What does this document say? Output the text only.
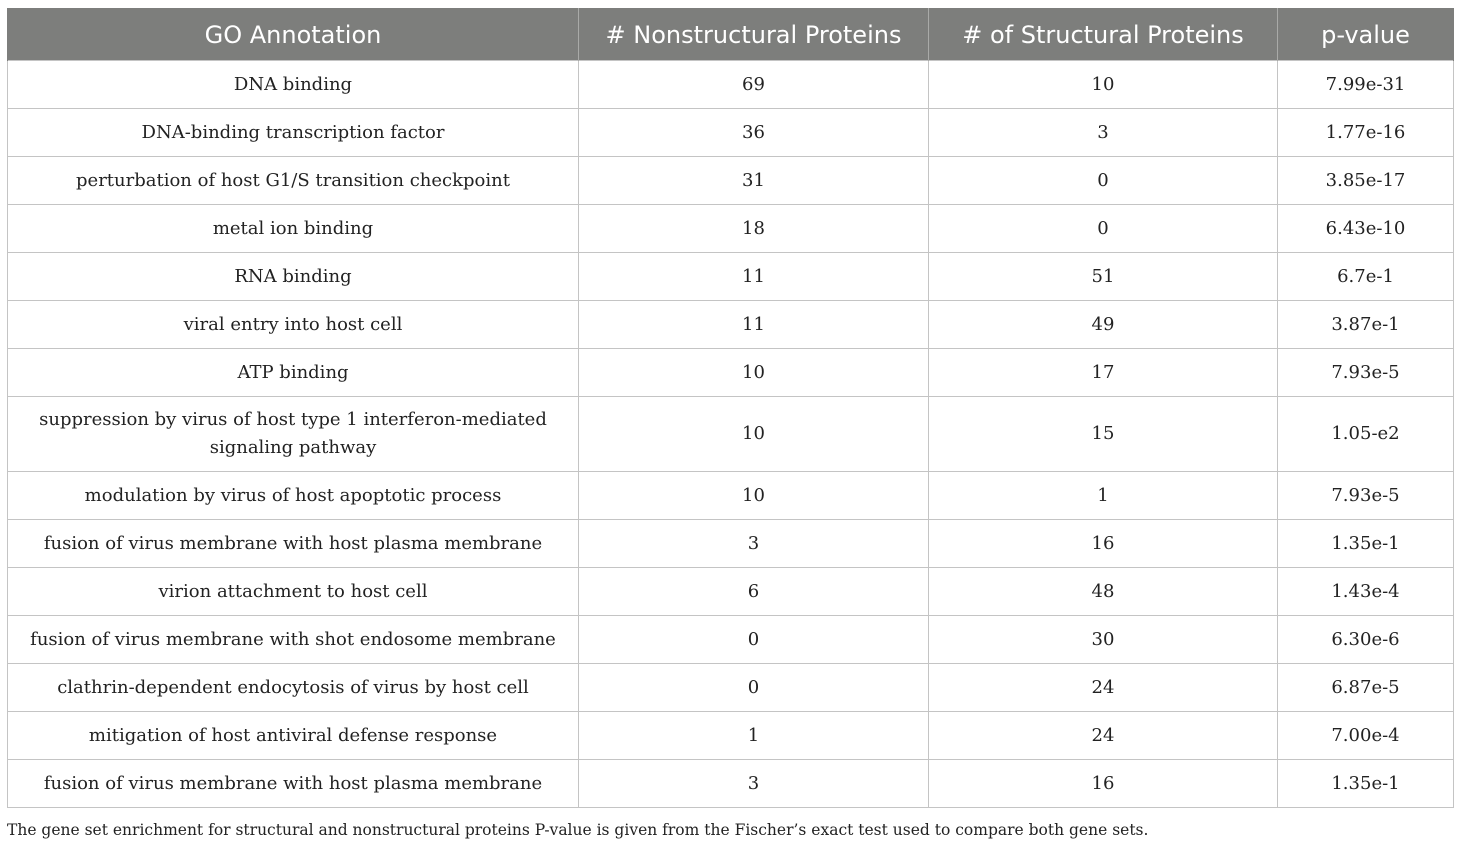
GO Annotation	# Nonstructural Proteins	# of Structural Proteins	p-value
DNA binding	69	10	7.99e-31
DNA-binding transcription factor	36	3	1.77e-16
perturbation of host G1/S transition checkpoint	31	0	3.85e-17
metal ion binding	18	0	6.43e-10
RNA binding	11	51	6.7e-1
viral entry into host cell	11	49	3.87e-1
ATP binding	10	17	7.93e-5
suppression by virus of host type 1 interferon-mediated signaling pathway	10	15	1.05-e2
modulation by virus of host apoptotic process	10	1	7.93e-5
fusion of virus membrane with host plasma membrane	3	16	1.35e-1
virion attachment to host cell	6	48	1.43e-4
fusion of virus membrane with shot endosome membrane	0	30	6.30e-6
clathrin-dependent endocytosis of virus by host cell	0	24	6.87e-5
mitigation of host antiviral defense response	1	24	7.00e-4
fusion of virus membrane with host plasma membrane	3	16	1.35e-1
The gene set enrichment for structural and nonstructural proteins P-value is given from the Fischer’s exact test used to compare both gene sets.
